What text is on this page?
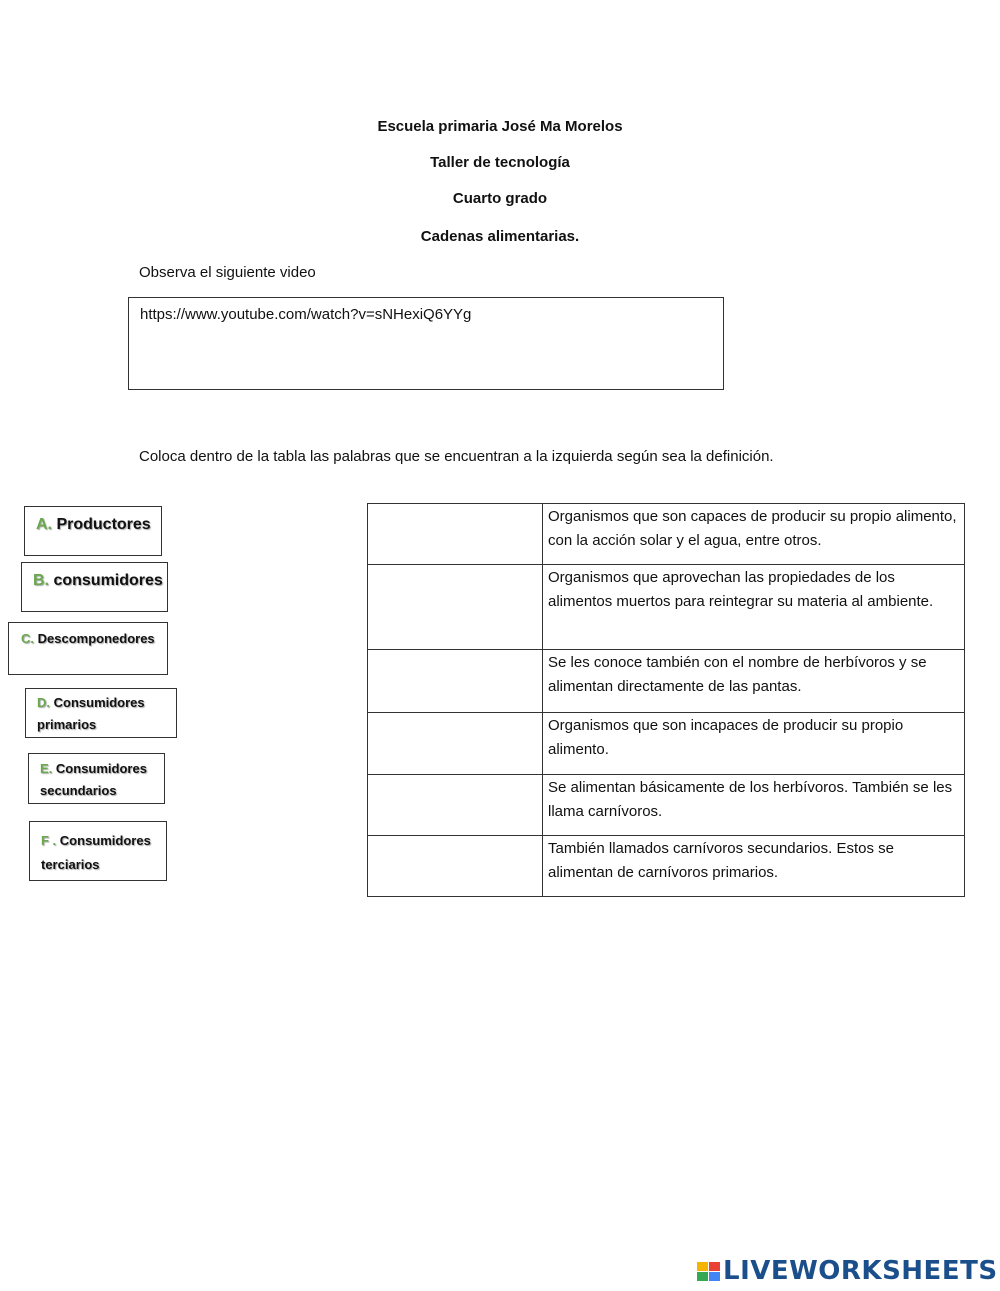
Escuela primaria José Ma Morelos
Taller de tecnología
Cuarto grado
Cadenas alimentarias.
Observa el siguiente video
https://www.youtube.com/watch?v=sNHexiQ6YYg
Coloca dentro de la tabla las palabras que se encuentran a la izquierda según sea la definición.
A. Productores
B. consumidores
C. Descomponedores
D. Consumidores
primarios
E. Consumidores
secundarios
F . Consumidores
terciarios
	Organismos que son capaces de producir su propio alimento, con la acción solar y el agua, entre otros.
	Organismos que aprovechan las propiedades de los alimentos muertos para reintegrar su materia al ambiente.
	Se les conoce también con el nombre de herbívoros y se alimentan directamente de las pantas.
	Organismos que son incapaces de producir su propio alimento.
	Se alimentan básicamente de los herbívoros. También se les llama carnívoros.
	También llamados carnívoros secundarios. Estos se alimentan de carnívoros primarios.
LIVEWORKSHEETS
